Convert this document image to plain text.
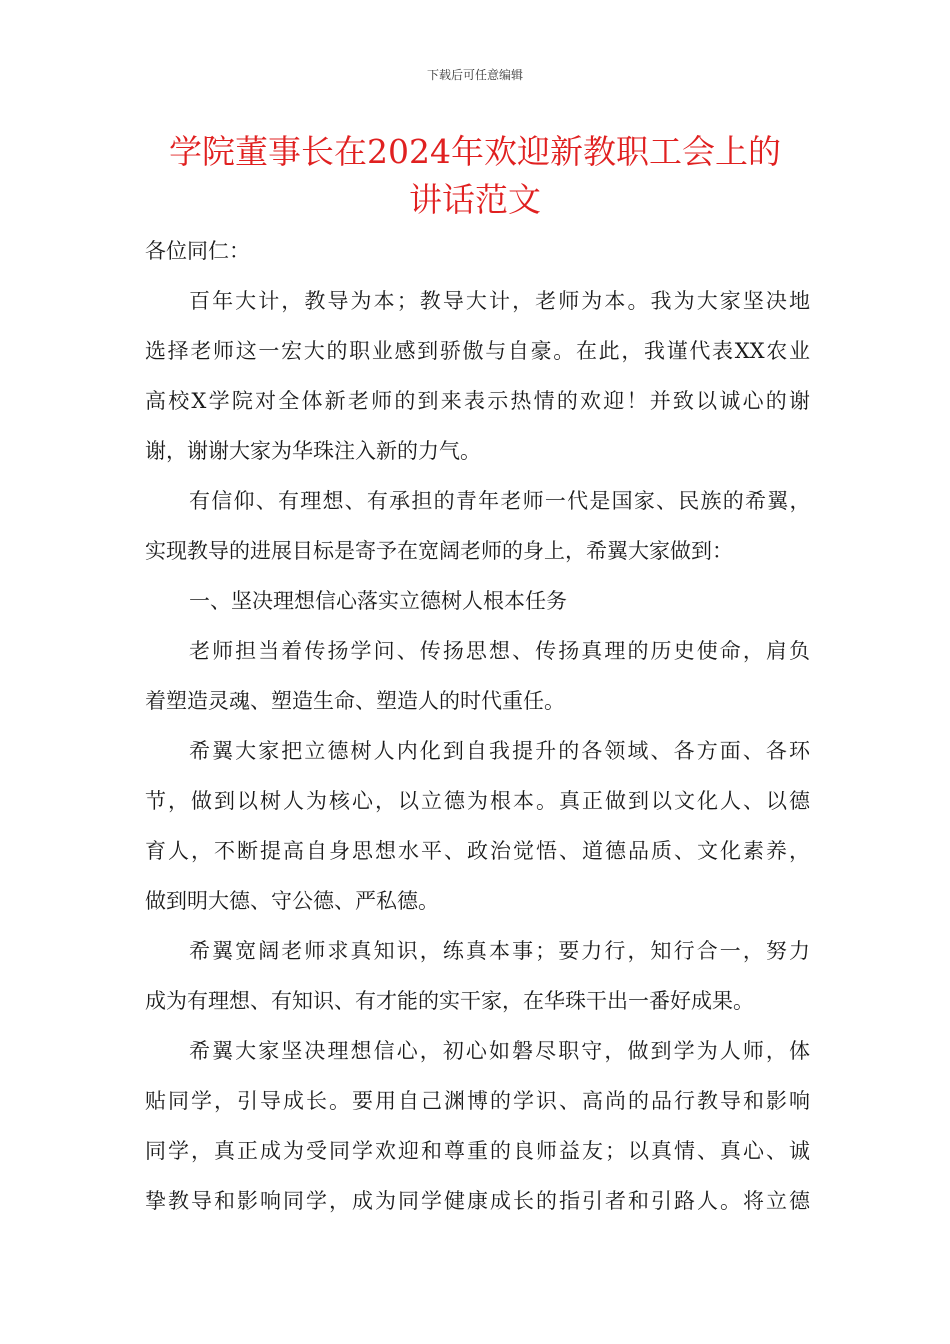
下载后可任意编辑
学院董事长在2024年欢迎新教职工会上的
讲话范文

各位同仁：

百年大计，教导为本；教导大计，老师为本。我为大家坚决地
选择老师这一宏大的职业感到骄傲与自豪。在此，我谨代表XX农业
高校X学院对全体新老师的到来表示热情的欢迎！并致以诚心的谢
谢，谢谢大家为华珠注入新的力气。

有信仰、有理想、有承担的青年老师一代是国家、民族的希翼，
实现教导的进展目标是寄予在宽阔老师的身上，希翼大家做到：

一、坚决理想信心落实立德树人根本任务

老师担当着传扬学问、传扬思想、传扬真理的历史使命，肩负
着塑造灵魂、塑造生命、塑造人的时代重任。

希翼大家把立德树人内化到自我提升的各领域、各方面、各环
节，做到以树人为核心，以立德为根本。真正做到以文化人、以德
育人，不断提高自身思想水平、政治觉悟、道德品质、文化素养，
做到明大德、守公德、严私德。

希翼宽阔老师求真知识，练真本事；要力行，知行合一，努力
成为有理想、有知识、有才能的实干家，在华珠干出一番好成果。

希翼大家坚决理想信心，初心如磐尽职守，做到学为人师，体
贴同学，引导成长。要用自己渊博的学识、高尚的品行教导和影响
同学，真正成为受同学欢迎和尊重的良师益友；以真情、真心、诚
挚教导和影响同学，成为同学健康成长的指引者和引路人。将立德
